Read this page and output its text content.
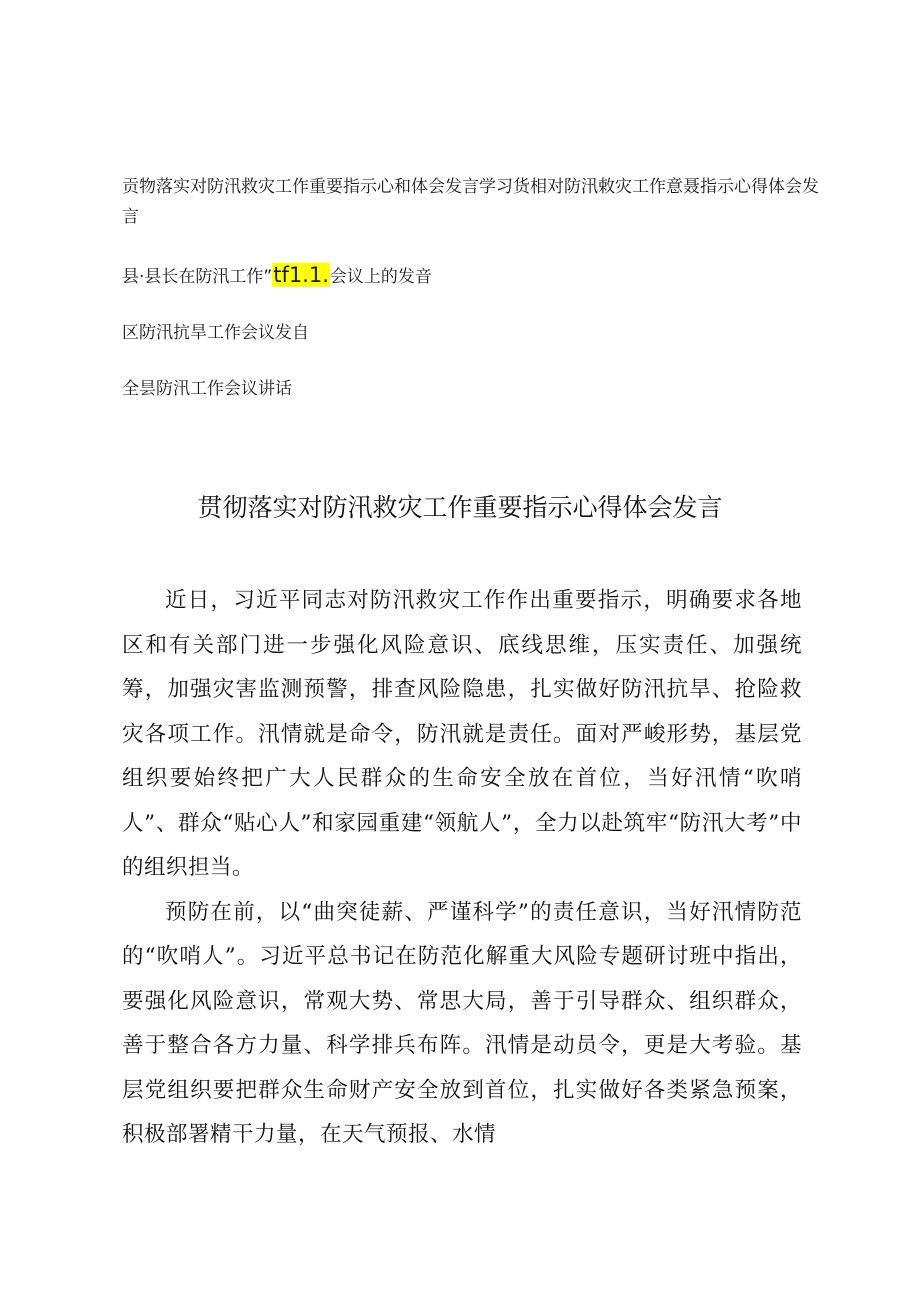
贡物落实对防汛救灾工作重要指示心和体会发言学习货相对防汛敕灾工作意聂指示心得体会发言
县·县长在防汛工作”tf1.1.会议上的发音
区防汛抗旱工作会议发自
全昙防汛工作会议讲话
贯彻落实对防汛救灾工作重要指示心得体会发言

近日，习近平同志对防汛救灾工作作出重要指示，明确要求各地区和有关部门进一步强化风险意识、底线思维，压实责任、加强统筹，加强灾害监测预警，排查风险隐患，扎实做好防汛抗旱、抢险救灾各项工作。汛情就是命令，防汛就是责任。面对严峻形势，基层党组织要始终把广大人民群众的生命安全放在首位，当好汛情“吹哨人”、群众“贴心人”和家园重建“领航人”，全力以赴筑牢“防汛大考”中的组织担当。

预防在前，以“曲突徒薪、严谨科学”的责任意识，当好汛情防范的“吹哨人”。习近平总书记在防范化解重大风险专题研讨班中指出，要强化风险意识，常观大势、常思大局，善于引导群众、组织群众，善于整合各方力量、科学排兵布阵。汛情是动员令，更是大考验。基层党组织要把群众生命财产安全放到首位，扎实做好各类紧急预案，积极部署精干力量，在天气预报、水情
